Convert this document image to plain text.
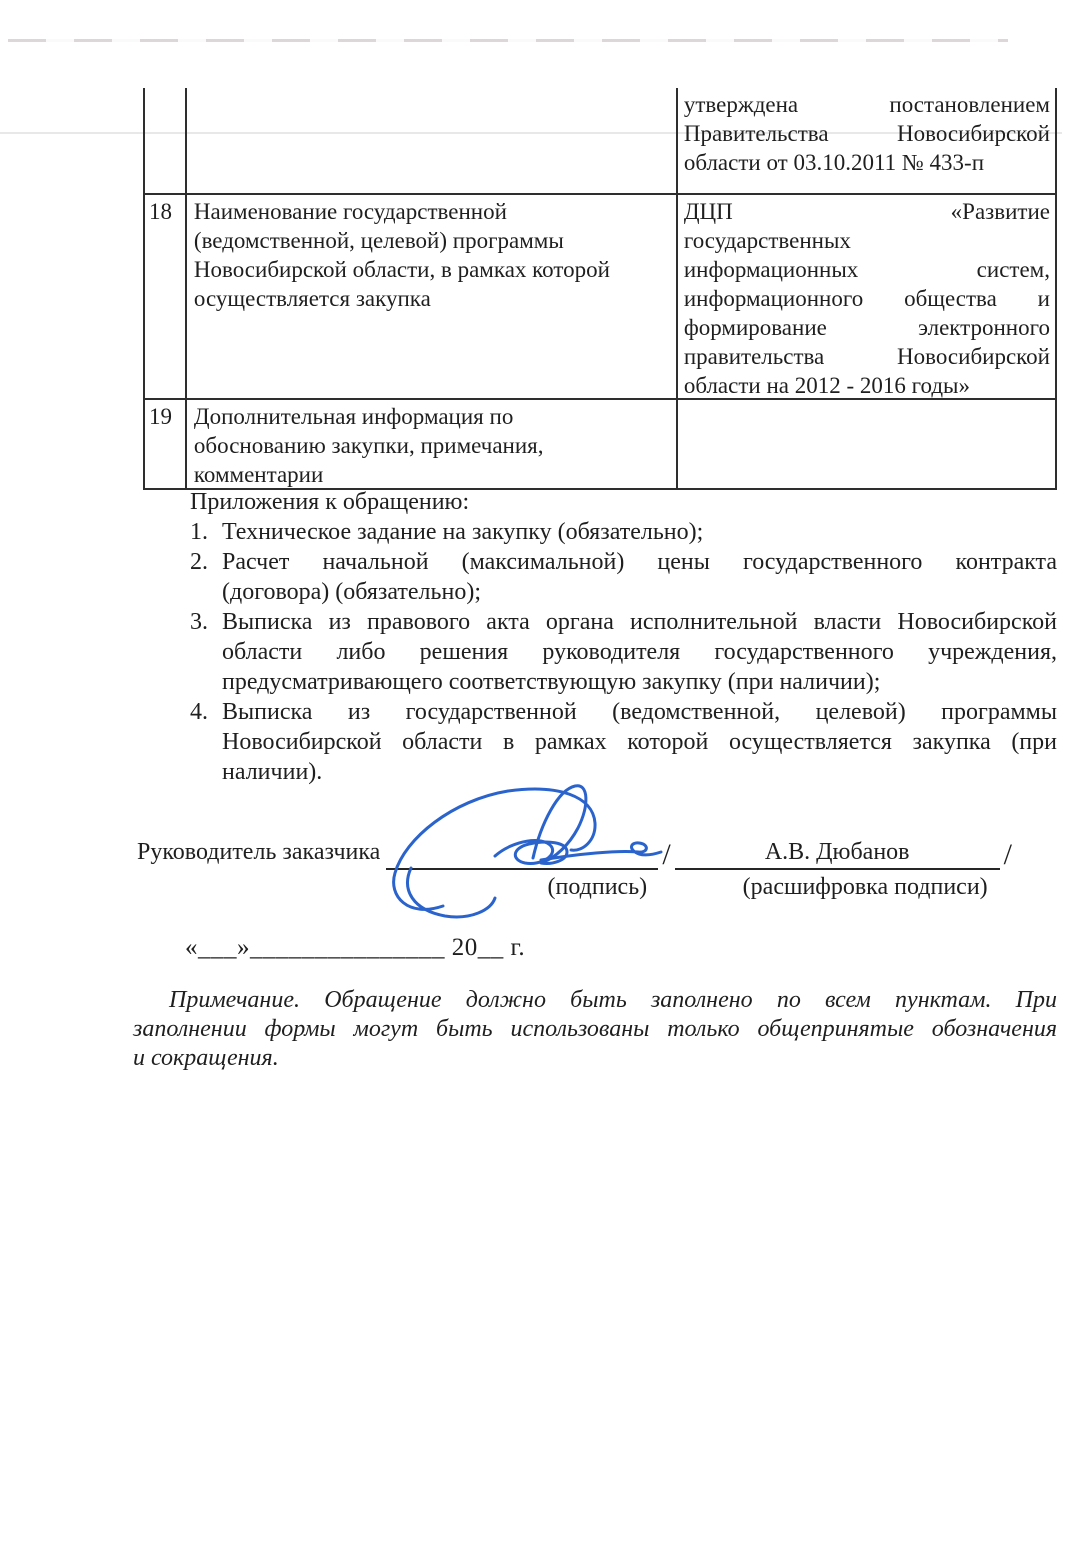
утверждена постановлением
Правительства Новосибирской
области от 03.10.2011 № 433-п
18 Наименование государственной
(ведомственной, целевой) программы
Новосибирской области, в рамках которой
осуществляется закупка
ДЦП «Развитие
государственных
информационных систем,
информационного общества и
формирование электронного
правительства Новосибирской
области на 2012 - 2016 годы»
19 Дополнительная информация по
обоснованию закупки, примечания,
комментарии
Приложения к обращению:
1. Техническое задание на закупку (обязательно);
2. Расчет начальной (максимальной) цены государственного контракта
(договора) (обязательно);
3. Выписка из правового акта органа исполнительной власти Новосибирской
области либо решения руководителя государственного учреждения,
предусматривающего соответствующую закупку (при наличии);
4. Выписка из государственной (ведомственной, целевой) программы
Новосибирской области в рамках которой осуществляется закупка (при
наличии).
Руководитель заказчика
(подпись)
/	А.В. Дюбанов
(расшифровка подписи)
/
«___»_______________ 20__ г.
Примечание. Обращение должно быть заполнено по всем пунктам. При
заполнении формы могут быть использованы только общепринятые обозначения
и сокращения.
